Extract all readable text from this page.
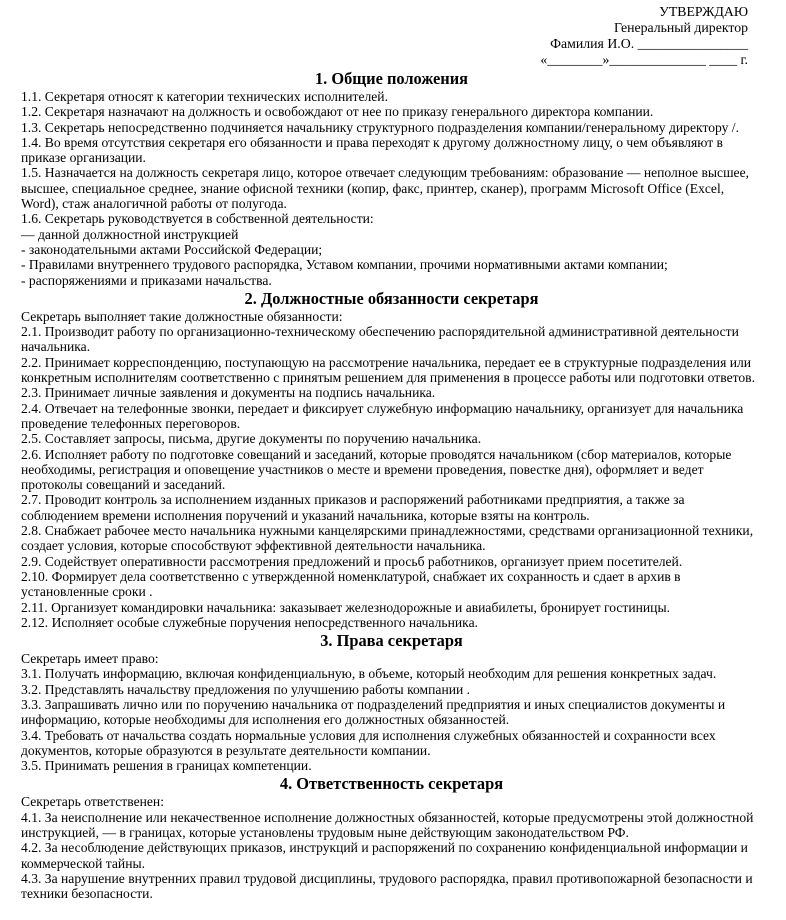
УТВЕРЖДАЮ
Генеральный директор
Фамилия И.О. ________________
«________»______________ ____ г.
1. Общие положения

1.1. Секретаря относят к категории технических исполнителей.

1.2. Секретаря назначают на должность и освобождают от нее по приказу генерального директора компании.

1.3. Секретарь непосредственно подчиняется начальнику структурного подразделения компании/генеральному директору /.

1.4. Во время отсутствия секретаря его обязанности и права переходят к другому должностному лицу, о чем объявляют в приказе организации.

1.5. Назначается на должность секретаря лицо, которое отвечает следующим требованиям: образование — неполное высшее, высшее, специальное среднее, знание офисной техники (копир, факс, принтер, сканер), программ Microsoft Office (Excel, Word), стаж аналогичной работы от полугода.

1.6. Секретарь руководствуется в собственной деятельности:

— данной должностной инструкцией

- законодательными актами Российской Федерации;

- Правилами внутреннего трудового распорядка, Уставом компании, прочими нормативными актами компании;

- распоряжениями и приказами начальства.

2. Должностные обязанности секретаря

Секретарь выполняет такие должностные обязанности:

2.1. Производит работу по организационно-техническому обеспечению распорядительной административной деятельности начальника.

2.2. Принимает корреспонденцию, поступающую на рассмотрение начальника, передает ее в структурные подразделения или конкретным исполнителям соответственно с принятым решением для применения в процессе работы или подготовки ответов.

2.3. Принимает личные заявления и документы на подпись начальника.

2.4. Отвечает на телефонные звонки, передает и фиксирует служебную информацию начальнику, организует для начальника проведение телефонных переговоров.

2.5. Составляет запросы, письма, другие документы по поручению начальника.

2.6. Исполняет работу по подготовке совещаний и заседаний, которые проводятся начальником (сбор материалов, которые необходимы, регистрация и оповещение участников о месте и времени проведения, повестке дня), оформляет и ведет протоколы совещаний и заседаний.

2.7. Проводит контроль за исполнением изданных приказов и распоряжений работниками предприятия, а также за соблюдением времени исполнения поручений и указаний начальника, которые взяты на контроль.

2.8. Снабжает рабочее место начальника нужными канцелярскими принадлежностями, средствами организационной техники, создает условия, которые способствуют эффективной деятельности начальника.

2.9. Содействует оперативности рассмотрения предложений и просьб работников, организует прием посетителей.

2.10. Формирует дела соответственно с утвержденной номенклатурой, снабжает их сохранность и сдает в архив в установленные сроки .

2.11. Организует командировки начальника: заказывает железнодорожные и авиабилеты, бронирует гостиницы.

2.12. Исполняет особые служебные поручения непосредственного начальника.

3. Права секретаря

Секретарь имеет право:

3.1. Получать информацию, включая конфиденциальную, в объеме, который необходим для решения конкретных задач.

3.2. Представлять начальству предложения по улучшению работы компании .

3.3. Запрашивать лично или по поручению начальника от подразделений предприятия и иных специалистов документы и информацию, которые необходимы для исполнения его должностных обязанностей.

3.4. Требовать от начальства создать нормальные условия для исполнения служебных обязанностей и сохранности всех документов, которые образуются в результате деятельности компании.

3.5. Принимать решения в границах компетенции.

4. Ответственность секретаря

Секретарь ответственен:

4.1. За неисполнение или некачественное исполнение должностных обязанностей, которые предусмотрены этой должностной инструкцией, — в границах, которые установлены трудовым ныне действующим законодательством РФ.

4.2. За несоблюдение действующих приказов, инструкций и распоряжений по сохранению конфиденциальной информации и коммерческой тайны.

4.3. За нарушение внутренних правил трудовой дисциплины, трудового распорядка, правил противопожарной безопасности и техники безопасности.
